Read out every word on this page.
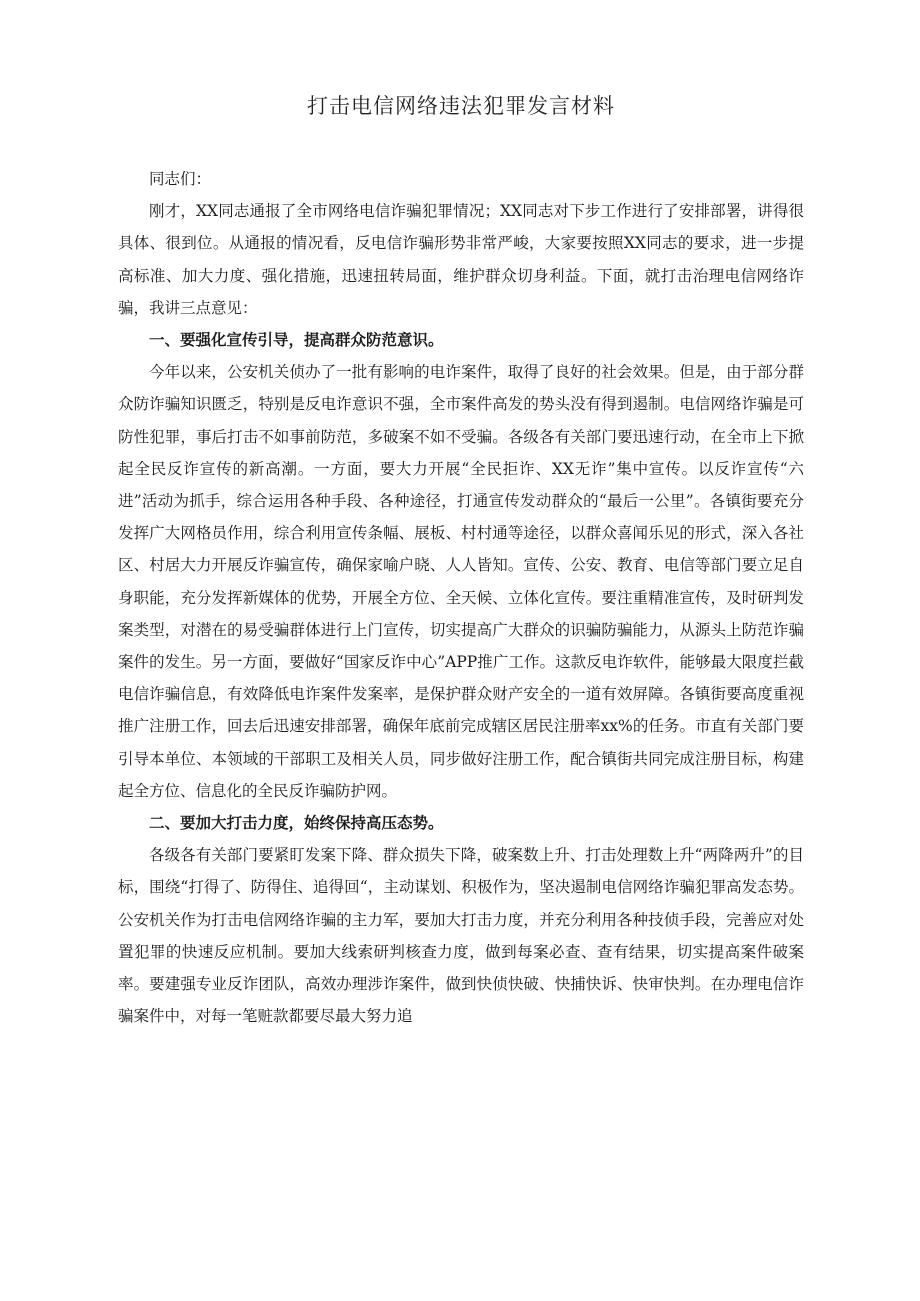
打击电信网络违法犯罪发言材料

同志们：

刚才，XX同志通报了全市网络电信诈骗犯罪情况；XX同志对下步工作进行了安排部署，讲得很具体、很到位。从通报的情况看，反电信诈骗形势非常严峻，大家要按照XX同志的要求，进一步提高标准、加大力度、强化措施，迅速扭转局面，维护群众切身利益。下面，就打击治理电信网络诈骗，我讲三点意见：

一、要强化宣传引导，提高群众防范意识。

今年以来，公安机关侦办了一批有影响的电诈案件，取得了良好的社会效果。但是，由于部分群众防诈骗知识匮乏，特别是反电诈意识不强，全市案件高发的势头没有得到遏制。电信网络诈骗是可防性犯罪，事后打击不如事前防范，多破案不如不受骗。各级各有关部门要迅速行动，在全市上下掀起全民反诈宣传的新高潮。一方面，要大力开展“全民拒诈、XX无诈”集中宣传。以反诈宣传“六进”活动为抓手，综合运用各种手段、各种途径，打通宣传发动群众的“最后一公里”。各镇街要充分发挥广大网格员作用，综合利用宣传条幅、展板、村村通等途径，以群众喜闻乐见的形式，深入各社区、村居大力开展反诈骗宣传，确保家喻户晓、人人皆知。宣传、公安、教育、电信等部门要立足自身职能，充分发挥新媒体的优势，开展全方位、全天候、立体化宣传。要注重精准宣传，及时研判发案类型，对潜在的易受骗群体进行上门宣传，切实提高广大群众的识骗防骗能力，从源头上防范诈骗案件的发生。另一方面，要做好“国家反诈中心”APP推广工作。这款反电诈软件，能够最大限度拦截电信诈骗信息，有效降低电诈案件发案率，是保护群众财产安全的一道有效屏障。各镇街要高度重视推广注册工作，回去后迅速安排部署，确保年底前完成辖区居民注册率xx%的任务。市直有关部门要引导本单位、本领域的干部职工及相关人员，同步做好注册工作，配合镇街共同完成注册目标，构建起全方位、信息化的全民反诈骗防护网。

二、要加大打击力度，始终保持高压态势。

各级各有关部门要紧盯发案下降、群众损失下降，破案数上升、打击处理数上升“两降两升”的目标，围绕“打得了、防得住、追得回“，主动谋划、积极作为，坚决遏制电信网络诈骗犯罪高发态势。公安机关作为打击电信网络诈骗的主力军，要加大打击力度，并充分利用各种技侦手段，完善应对处置犯罪的快速反应机制。要加大线索研判核查力度，做到每案必查、查有结果，切实提高案件破案率。要建强专业反诈团队，高效办理涉诈案件，做到快侦快破、快捕快诉、快审快判。在办理电信诈骗案件中，对每一笔赃款都要尽最大努力追
